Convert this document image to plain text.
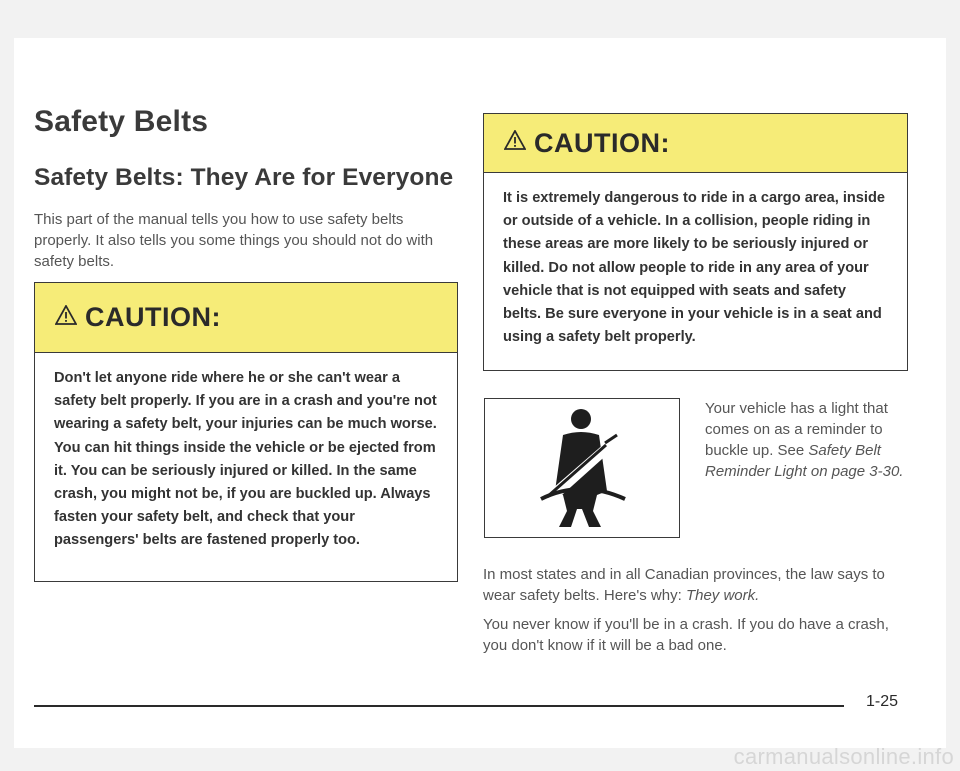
Safety Belts
Safety Belts: They Are for Everyone

This part of the manual tells you how to use safety belts properly. It also tells you some things you should not do with safety belts.

CAUTION:

Don't let anyone ride where he or she can't wear a safety belt properly. If you are in a crash and you're not wearing a safety belt, your injuries can be much worse. You can hit things inside the vehicle or be ejected from it. You can be seriously injured or killed. In the same crash, you might not be, if you are buckled up. Always fasten your safety belt, and check that your passengers' belts are fastened properly too.

CAUTION:

It is extremely dangerous to ride in a cargo area, inside or outside of a vehicle. In a collision, people riding in these areas are more likely to be seriously injured or killed. Do not allow people to ride in any area of your vehicle that is not equipped with seats and safety belts. Be sure everyone in your vehicle is in a seat and using a safety belt properly.

Your vehicle has a light that comes on as a reminder to buckle up. See Safety Belt Reminder Light on page 3-30.

In most states and in all Canadian provinces, the law says to wear safety belts. Here's why: They work.

You never know if you'll be in a crash. If you do have a crash, you don't know if it will be a bad one.

1-25
carmanualsonline.info
